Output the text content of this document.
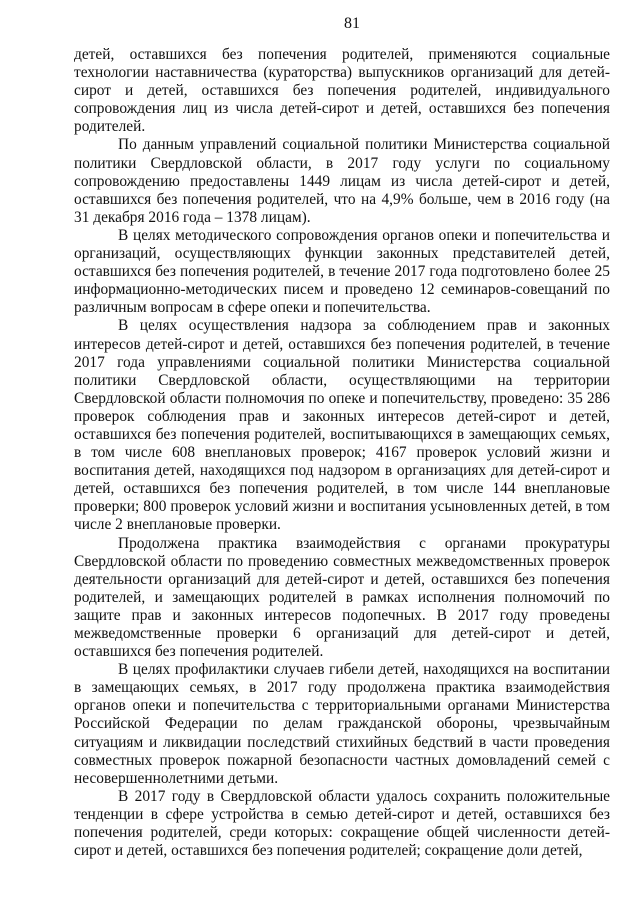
81

детей, оставшихся без попечения родителей, применяются социальные технологии наставничества (кураторства) выпускников организаций для детей-сирот и детей, оставшихся без попечения родителей, индивидуального сопровождения лиц из числа детей-сирот и детей, оставшихся без попечения родителей.

По данным управлений социальной политики Министерства социальной политики Свердловской области, в 2017 году услуги по социальному сопровождению предоставлены 1449 лицам из числа детей-сирот и детей, оставшихся без попечения родителей, что на 4,9% больше, чем в 2016 году (на 31 декабря 2016 года – 1378 лицам).

В целях методического сопровождения органов опеки и попечительства и организаций, осуществляющих функции законных представителей детей, оставшихся без попечения родителей, в течение 2017 года подготовлено более 25 информационно-методических писем и проведено 12 семинаров-совещаний по различным вопросам в сфере опеки и попечительства.

В целях осуществления надзора за соблюдением прав и законных интересов детей-сирот и детей, оставшихся без попечения родителей, в течение 2017 года управлениями социальной политики Министерства социальной политики Свердловской области, осуществляющими на территории Свердловской области полномочия по опеке и попечительству, проведено: 35 286 проверок соблюдения прав и законных интересов детей-сирот и детей, оставшихся без попечения родителей, воспитывающихся в замещающих семьях, в том числе 608 внеплановых проверок; 4167 проверок условий жизни и воспитания детей, находящихся под надзором в организациях для детей-сирот и детей, оставшихся без попечения родителей, в том числе 144 внеплановые проверки; 800 проверок условий жизни и воспитания усыновленных детей, в том числе 2 внеплановые проверки.

Продолжена практика взаимодействия с органами прокуратуры Свердловской области по проведению совместных межведомственных проверок деятельности организаций для детей-сирот и детей, оставшихся без попечения родителей, и замещающих родителей в рамках исполнения полномочий по защите прав и законных интересов подопечных. В 2017 году проведены межведомственные проверки 6 организаций для детей-сирот и детей, оставшихся без попечения родителей.

В целях профилактики случаев гибели детей, находящихся на воспитании в замещающих семьях, в 2017 году продолжена практика взаимодействия органов опеки и попечительства с территориальными органами Министерства Российской Федерации по делам гражданской обороны, чрезвычайным ситуациям и ликвидации последствий стихийных бедствий в части проведения совместных проверок пожарной безопасности частных домовладений семей с несовершеннолетними детьми.

В 2017 году в Свердловской области удалось сохранить положительные тенденции в сфере устройства в семью детей-сирот и детей, оставшихся без попечения родителей, среди которых: сокращение общей численности детей-сирот и детей, оставшихся без попечения родителей; сокращение доли детей,
